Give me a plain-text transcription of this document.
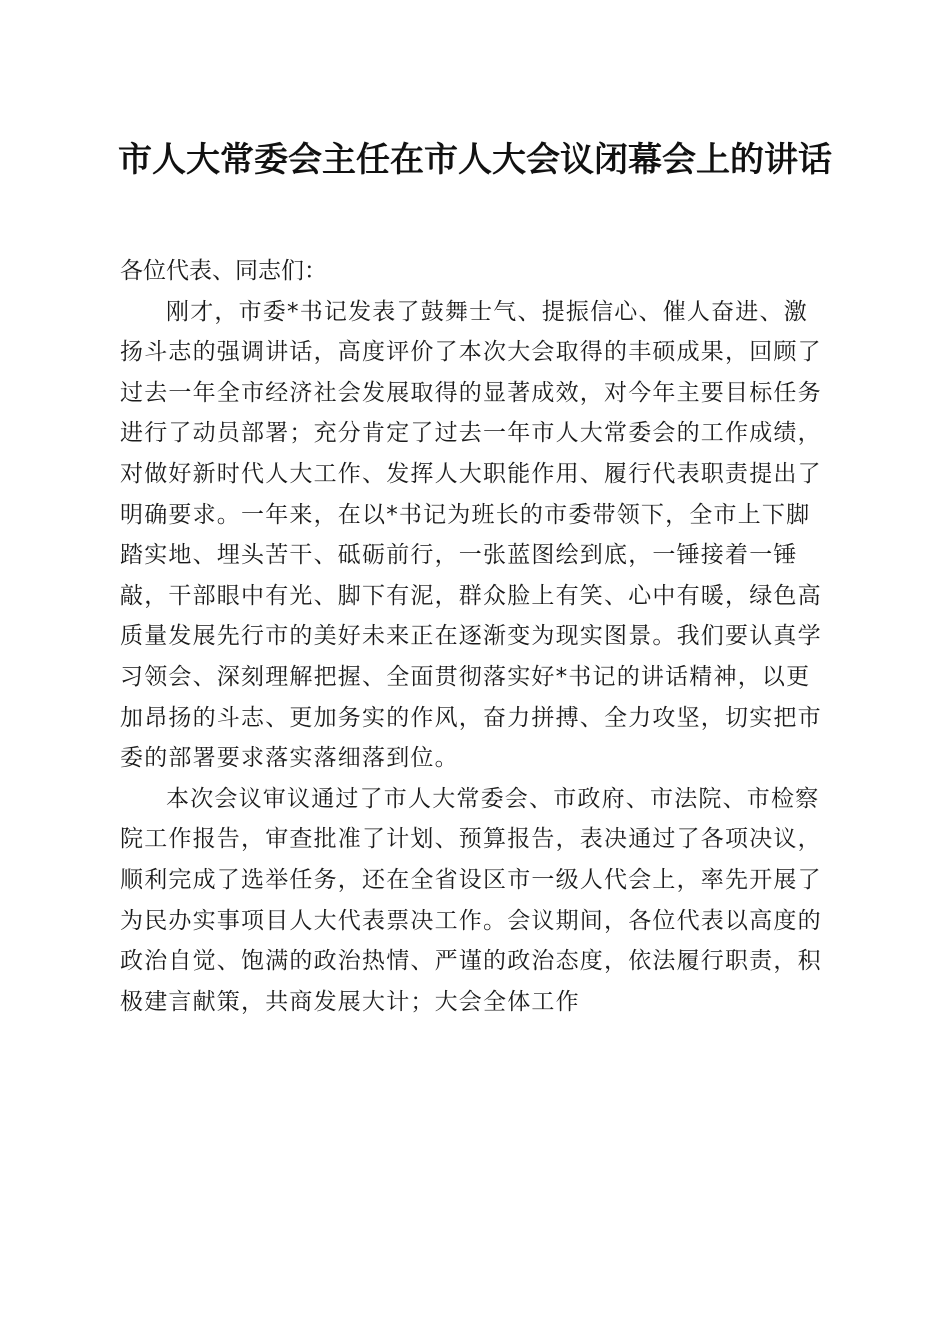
市人大常委会主任在市人大会议闭幕会上的讲话

各位代表、同志们：

刚才，市委*书记发表了鼓舞士气、提振信心、催人奋进、激扬斗志的强调讲话，高度评价了本次大会取得的丰硕成果，回顾了过去一年全市经济社会发展取得的显著成效，对今年主要目标任务进行了动员部署；充分肯定了过去一年市人大常委会的工作成绩，对做好新时代人大工作、发挥人大职能作用、履行代表职责提出了明确要求。一年来，在以*书记为班长的市委带领下，全市上下脚踏实地、埋头苦干、砥砺前行，一张蓝图绘到底，一锤接着一锤敲，干部眼中有光、脚下有泥，群众脸上有笑、心中有暖，绿色高质量发展先行市的美好未来正在逐渐变为现实图景。我们要认真学习领会、深刻理解把握、全面贯彻落实好*书记的讲话精神，以更加昂扬的斗志、更加务实的作风，奋力拼搏、全力攻坚，切实把市委的部署要求落实落细落到位。

本次会议审议通过了市人大常委会、市政府、市法院、市检察院工作报告，审查批准了计划、预算报告，表决通过了各项决议，顺利完成了选举任务，还在全省设区市一级人代会上，率先开展了为民办实事项目人大代表票决工作。会议期间，各位代表以高度的政治自觉、饱满的政治热情、严谨的政治态度，依法履行职责，积极建言献策，共商发展大计；大会全体工作
